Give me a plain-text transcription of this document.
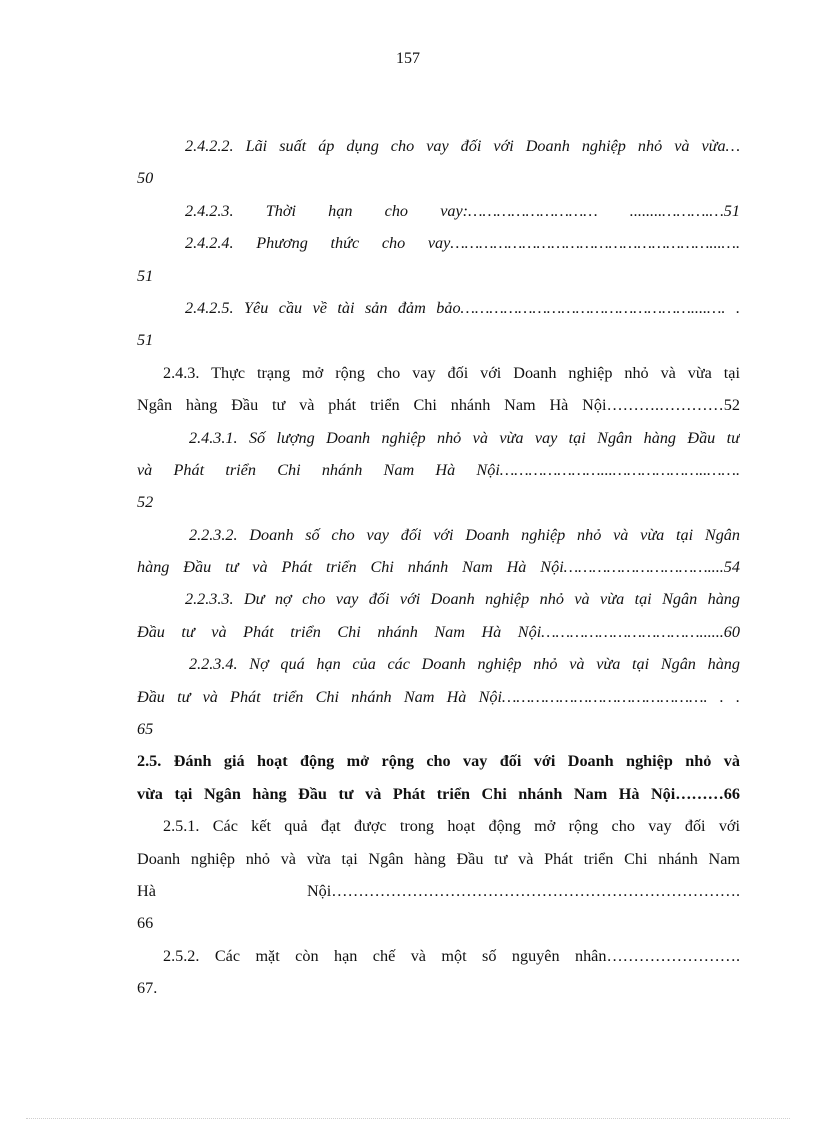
157
2.4.2.2. Lãi suất áp dụng cho vay đối với Doanh nghiệp nhỏ và vừa…
50
2.4.2.3. Thời hạn cho vay:……………………… ........……….…51
2.4.2.4. Phương thức cho vay………………………………………………...….
51
2.4.2.5. Yêu cầu về tài sản đảm bảo…………………………………………....…. .
51
2.4.3. Thực trạng mở rộng cho vay đối với Doanh nghiệp nhỏ và vừa tại
Ngân hàng Đầu tư và phát triển Chi nhánh Nam Hà Nội……….…………52
2.4.3.1. Số lượng Doanh nghiệp nhỏ và vừa vay tại Ngân hàng Đầu tư
và Phát triển Chi nhánh Nam Hà Nội…………………...………………..…….
52
2.2.3.2. Doanh số cho vay đối với Doanh nghiệp nhỏ và vừa tại Ngân
hàng Đầu tư và Phát triển Chi nhánh Nam Hà Nội…………………………....54
2.2.3.3. Dư nợ cho vay đối với Doanh nghiệp nhỏ và vừa tại Ngân hàng
Đầu tư và Phát triển Chi nhánh Nam Hà Nội……………………………......60
2.2.3.4. Nợ quá hạn của các Doanh nghiệp nhỏ và vừa tại Ngân hàng
Đầu tư và Phát triển Chi nhánh Nam Hà Nội……………………………………. . .
65
2.5. Đánh giá hoạt động mở rộng cho vay đối với Doanh nghiệp nhỏ và
vừa tại Ngân hàng Đầu tư và Phát triển Chi nhánh Nam Hà Nội………66
2.5.1. Các kết quả đạt được trong hoạt động mở rộng cho vay đối với
Doanh nghiệp nhỏ và vừa tại Ngân hàng Đầu tư và Phát triển Chi nhánh Nam
Hà Nội………………………………………………………………….
66
2.5.2. Các mặt còn hạn chế và một số nguyên nhân…………………….
67.
